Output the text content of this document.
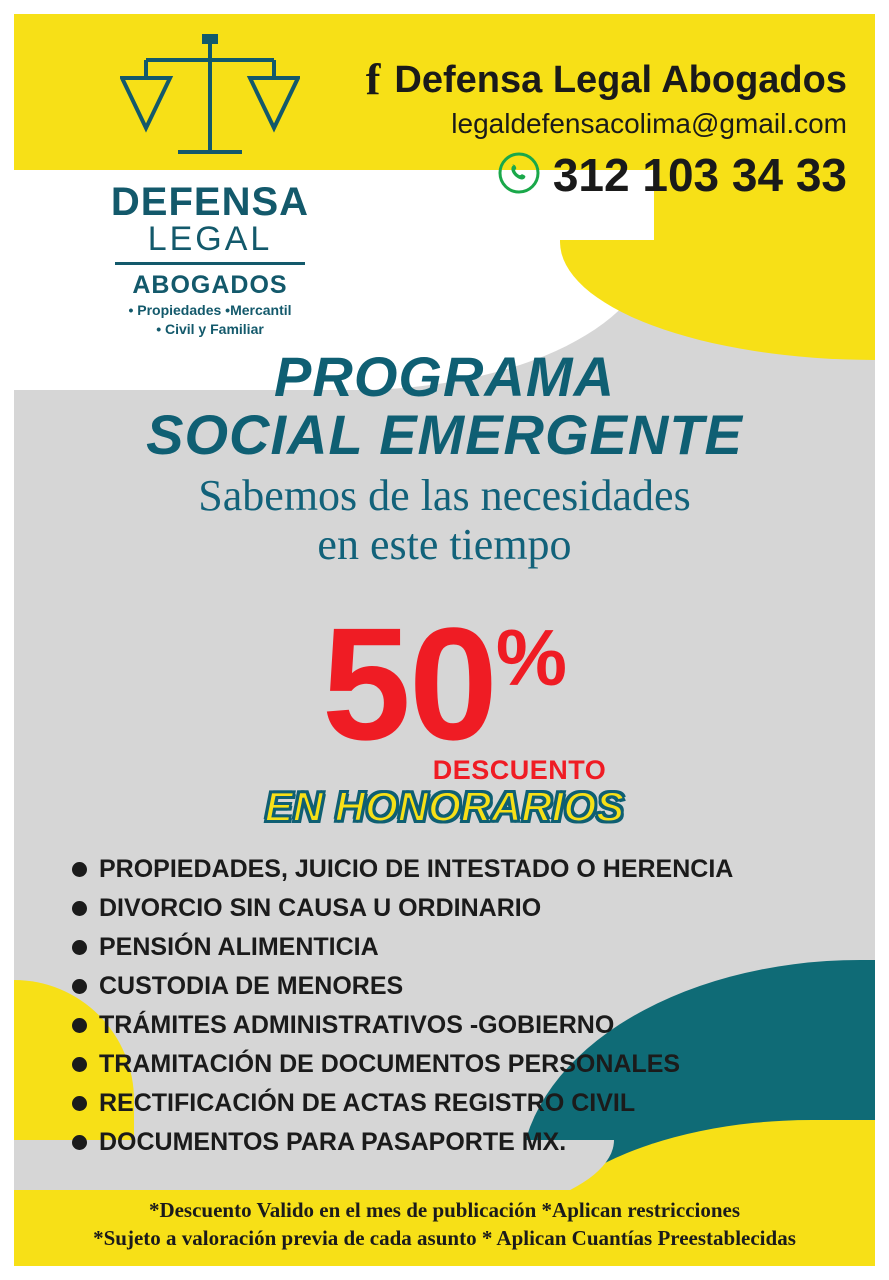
DEFENSA
LEGAL
ABOGADOS
• Propiedades •Mercantil
• Civil y Familiar
f Defensa Legal Abogados
legaldefensacolima@gmail.com
312 103 34 33
PROGRAMA
SOCIAL EMERGENTE
Sabemos de las necesidades
en este tiempo
50 %
DESCUENTO
EN HONORARIOS
PROPIEDADES, JUICIO DE INTESTADO O HERENCIA
DIVORCIO SIN CAUSA U ORDINARIO
PENSIÓN ALIMENTICIA
CUSTODIA DE MENORES
TRÁMITES ADMINISTRATIVOS -GOBIERNO
TRAMITACIÓN DE DOCUMENTOS PERSONALES
RECTIFICACIÓN DE ACTAS REGISTRO CIVIL
DOCUMENTOS PARA PASAPORTE MX.
*Descuento Valido en el mes de publicación *Aplican restricciones
*Sujeto a valoración previa de cada asunto * Aplican Cuantías Preestablecidas
